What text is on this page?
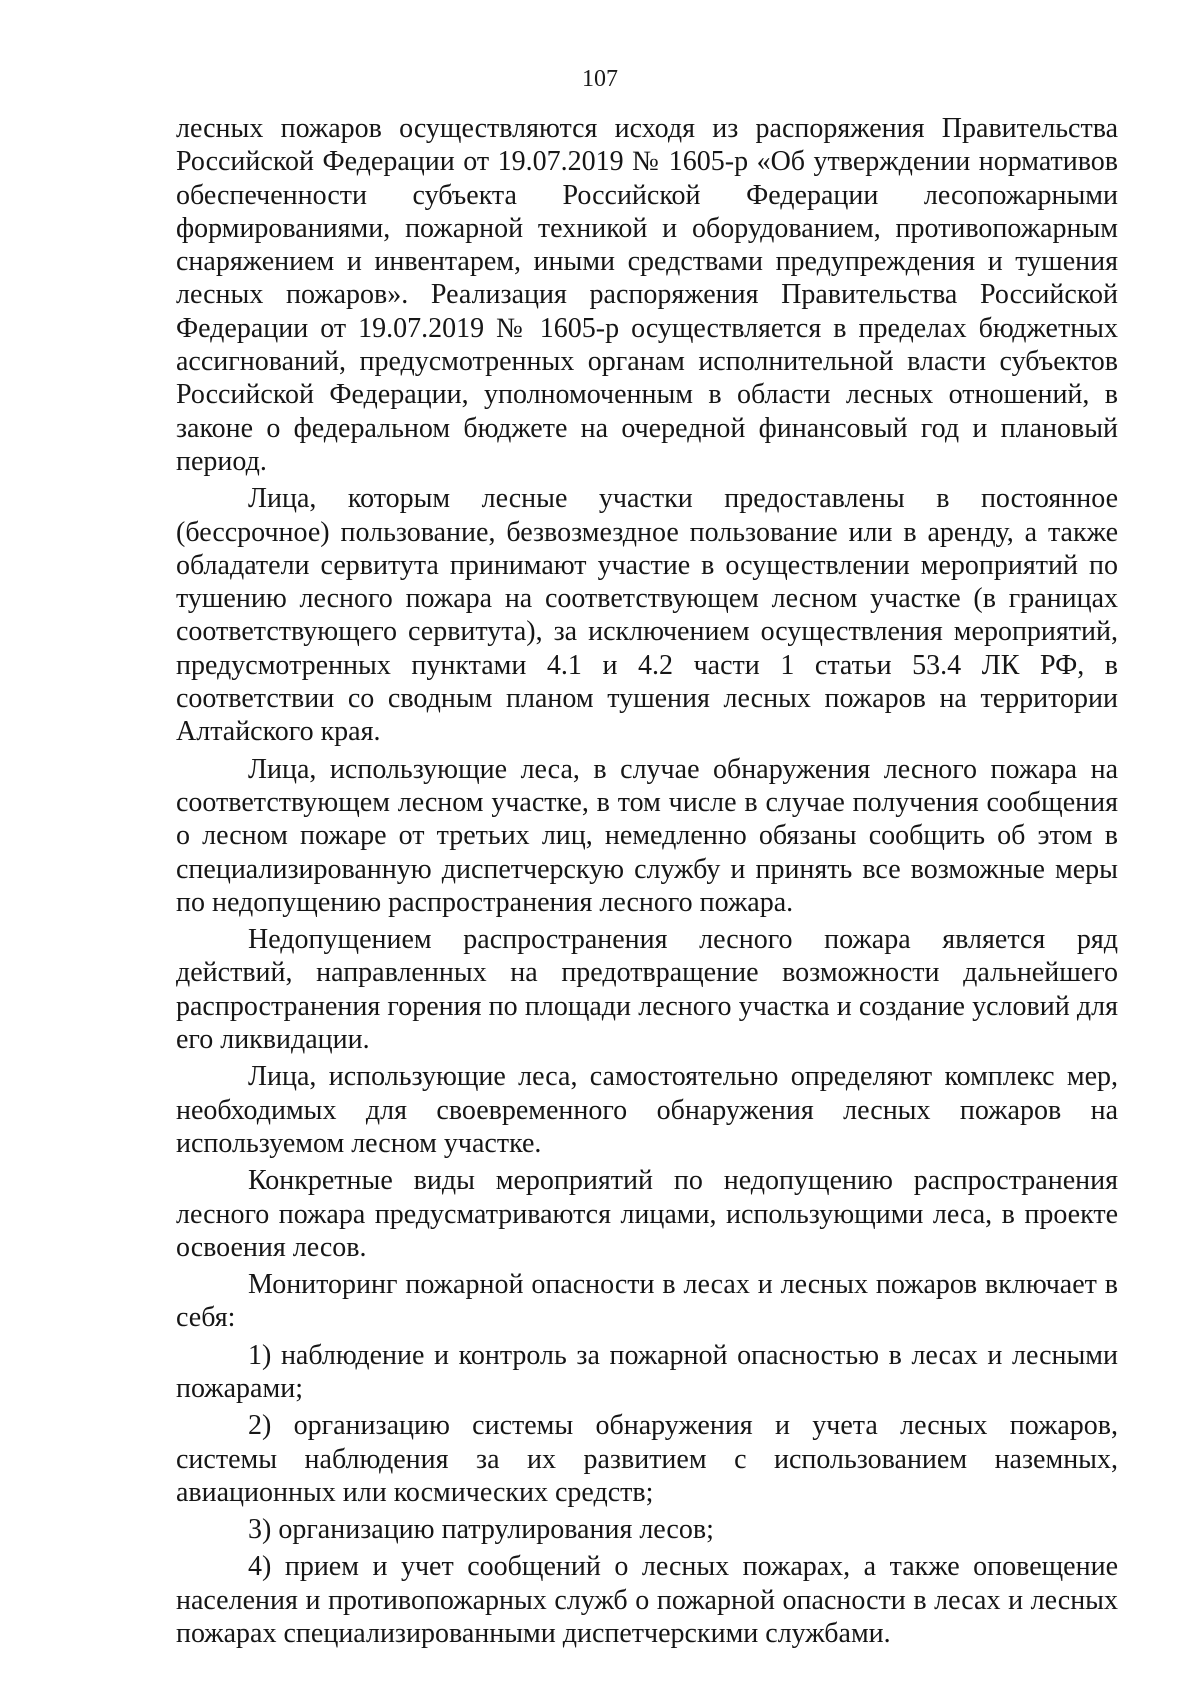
107

лесных пожаров осуществляются исходя из распоряжения Правительства Российской Федерации от 19.07.2019 № 1605-р «Об утверждении нормативов обеспеченности субъекта Российской Федерации лесопожарными формированиями, пожарной техникой и оборудованием, противопожарным снаряжением и инвентарем, иными средствами предупреждения и тушения лесных пожаров». Реализация распоряжения Правительства Российской Федерации от 19.07.2019 № 1605-р осуществляется в пределах бюджетных ассигнований, предусмотренных органам исполнительной власти субъектов Российской Федерации, уполномоченным в области лесных отношений, в законе о федеральном бюджете на очередной финансовый год и плановый период.

Лица, которым лесные участки предоставлены в постоянное (бессрочное) пользование, безвозмездное пользование или в аренду, а также обладатели сервитута принимают участие в осуществлении мероприятий по тушению лесного пожара на соответствующем лесном участке (в границах соответствующего сервитута), за исключением осуществления мероприятий, предусмотренных пунктами 4.1 и 4.2 части 1 статьи 53.4 ЛК РФ, в соответствии со сводным планом тушения лесных пожаров на территории Алтайского края.

Лица, использующие леса, в случае обнаружения лесного пожара на соответствующем лесном участке, в том числе в случае получения сообщения о лесном пожаре от третьих лиц, немедленно обязаны сообщить об этом в специализированную диспетчерскую службу и принять все возможные меры по недопущению распространения лесного пожара.

Недопущением распространения лесного пожара является ряд действий, направленных на предотвращение возможности дальнейшего распространения горения по площади лесного участка и создание условий для его ликвидации.

Лица, использующие леса, самостоятельно определяют комплекс мер, необходимых для своевременного обнаружения лесных пожаров на используемом лесном участке.

Конкретные виды мероприятий по недопущению распространения лесного пожара предусматриваются лицами, использующими леса, в проекте освоения лесов.

Мониторинг пожарной опасности в лесах и лесных пожаров включает в себя:

1) наблюдение и контроль за пожарной опасностью в лесах и лесными пожарами;

2) организацию системы обнаружения и учета лесных пожаров, системы наблюдения за их развитием с использованием наземных, авиационных или космических средств;

3) организацию патрулирования лесов;

4) прием и учет сообщений о лесных пожарах, а также оповещение населения и противопожарных служб о пожарной опасности в лесах и лесных пожарах специализированными диспетчерскими службами.
